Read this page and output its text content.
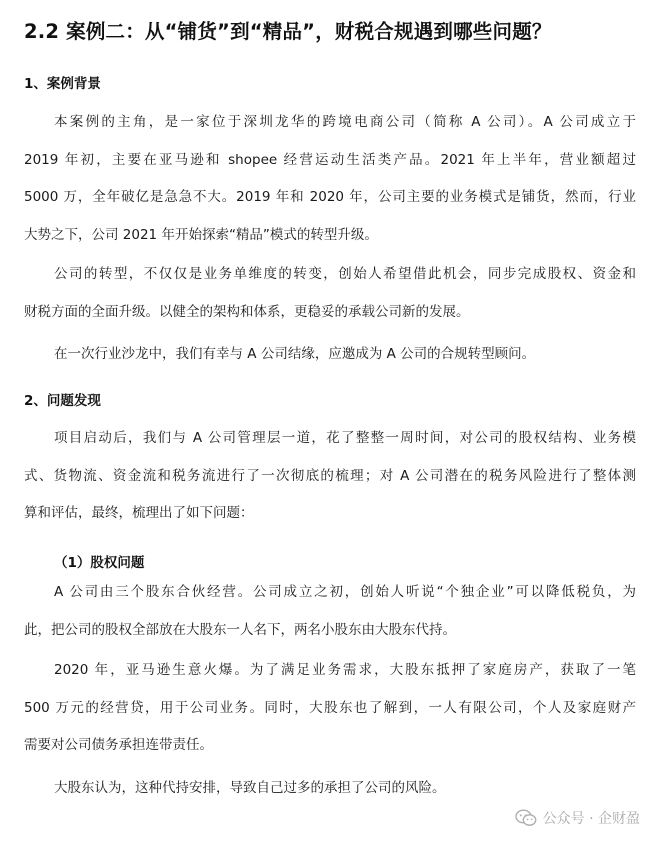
2.2 案例二：从“铺货”到“精品”，财税合规遇到哪些问题？
1、案例背景
本案例的主角，是一家位于深圳龙华的跨境电商公司（简称 A 公司）。A 公司成立于
2019 年初，主要在亚马逊和 shopee 经营运动生活类产品。2021 年上半年，营业额超过
5000 万，全年破亿是急急不大。2019 年和 2020 年，公司主要的业务模式是铺货，然而，行业
大势之下，公司 2021 年开始探索“精品”模式的转型升级。
公司的转型，不仅仅是业务单维度的转变，创始人希望借此机会，同步完成股权、资金和
财税方面的全面升级。以健全的架构和体系，更稳妥的承载公司新的发展。
在一次行业沙龙中，我们有幸与 A 公司结缘，应邀成为 A 公司的合规转型顾问。
2、问题发现
项目启动后，我们与 A 公司管理层一道，花了整整一周时间，对公司的股权结构、业务模
式、货物流、资金流和税务流进行了一次彻底的梳理；对 A 公司潜在的税务风险进行了整体测
算和评估，最终，梳理出了如下问题：
（1）股权问题
A 公司由三个股东合伙经营。公司成立之初，创始人听说“个独企业”可以降低税负，为
此，把公司的股权全部放在大股东一人名下，两名小股东由大股东代持。
2020 年，亚马逊生意火爆。为了满足业务需求，大股东抵押了家庭房产，获取了一笔
500 万元的经营贷，用于公司业务。同时，大股东也了解到，一人有限公司，个人及家庭财产
需要对公司债务承担连带责任。
大股东认为，这种代持安排，导致自己过多的承担了公司的风险。
公众号 · 企财盈
